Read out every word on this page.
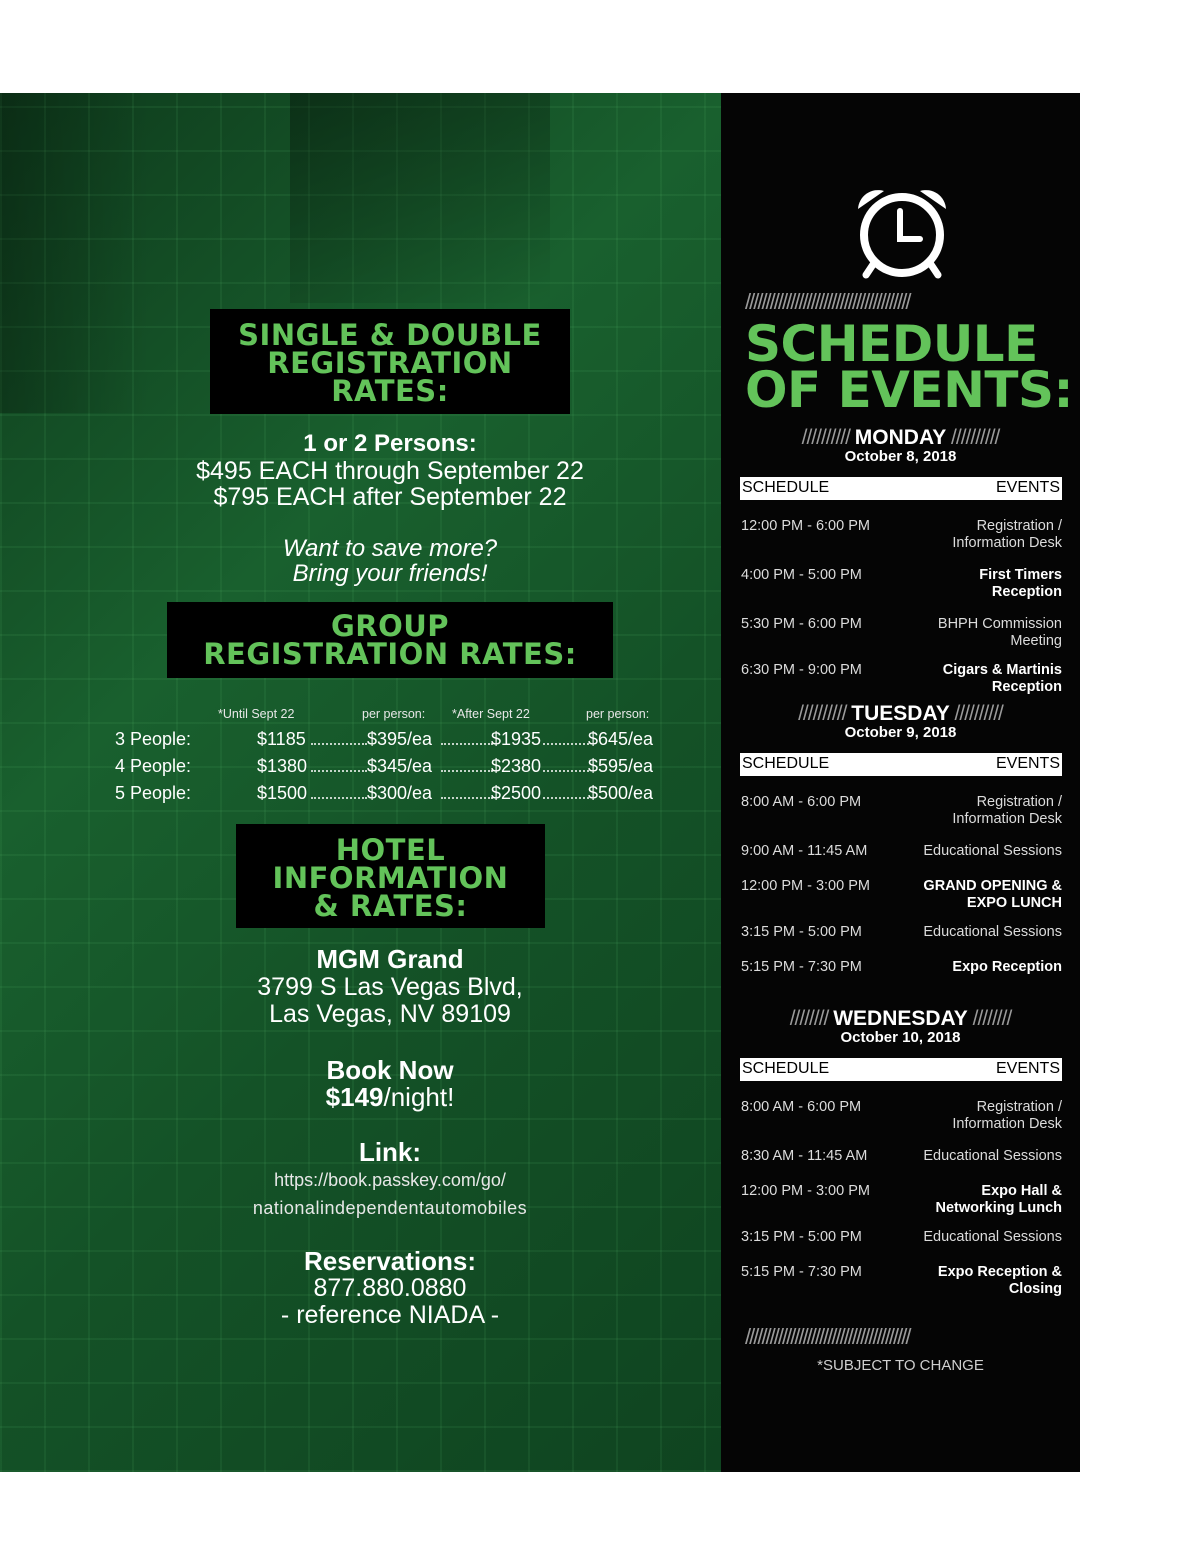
SINGLE & DOUBLE
REGISTRATION
RATES:
1 or 2 Persons:
$495 EACH through September 22
$795 EACH after September 22
Want to save more?
Bring your friends!
GROUP
REGISTRATION RATES:
*Until Sept 22	per person: *After Sept 22	per person:
3 People:	$1185	$395/ea	$1935	$645/ea
4 People:	$1380	$345/ea	$2380	$595/ea
5 People:	$1500	$300/ea	$2500	$500/ea
HOTEL
INFORMATION
& RATES:
MGM Grand
3799 S Las Vegas Blvd,
Las Vegas, NV 89109
Book Now
$149/night!
Link:
https://book.passkey.com/go/
nationalindependentautomobiles
Reservations:
877.880.0880
- reference NIADA -
////////////////////////////////////////
SCHEDULE
OF EVENTS:
////////// MONDAY //////////
October 8, 2018
SCHEDULE	EVENTS
12:00 PM - 6:00 PM	Registration /
Information Desk
4:00 PM - 5:00 PM	First Timers
Reception
5:30 PM - 6:00 PM	BHPH Commission
Meeting
6:30 PM - 9:00 PM	Cigars & Martinis
Reception
////////// TUESDAY //////////
October 9, 2018
SCHEDULE	EVENTS
8:00 AM - 6:00 PM	Registration /
Information Desk
9:00 AM - 11:45 AM	Educational Sessions
12:00 PM - 3:00 PM	GRAND OPENING &
EXPO LUNCH
3:15 PM - 5:00 PM	Educational Sessions
5:15 PM - 7:30 PM	Expo Reception
//////// WEDNESDAY ////////
October 10, 2018
SCHEDULE	EVENTS
8:00 AM - 6:00 PM	Registration /
Information Desk
8:30 AM - 11:45 AM	Educational Sessions
12:00 PM - 3:00 PM	Expo Hall &
Networking Lunch
3:15 PM - 5:00 PM	Educational Sessions
5:15 PM - 7:30 PM	Expo Reception &
Closing
////////////////////////////////////////
*SUBJECT TO CHANGE
